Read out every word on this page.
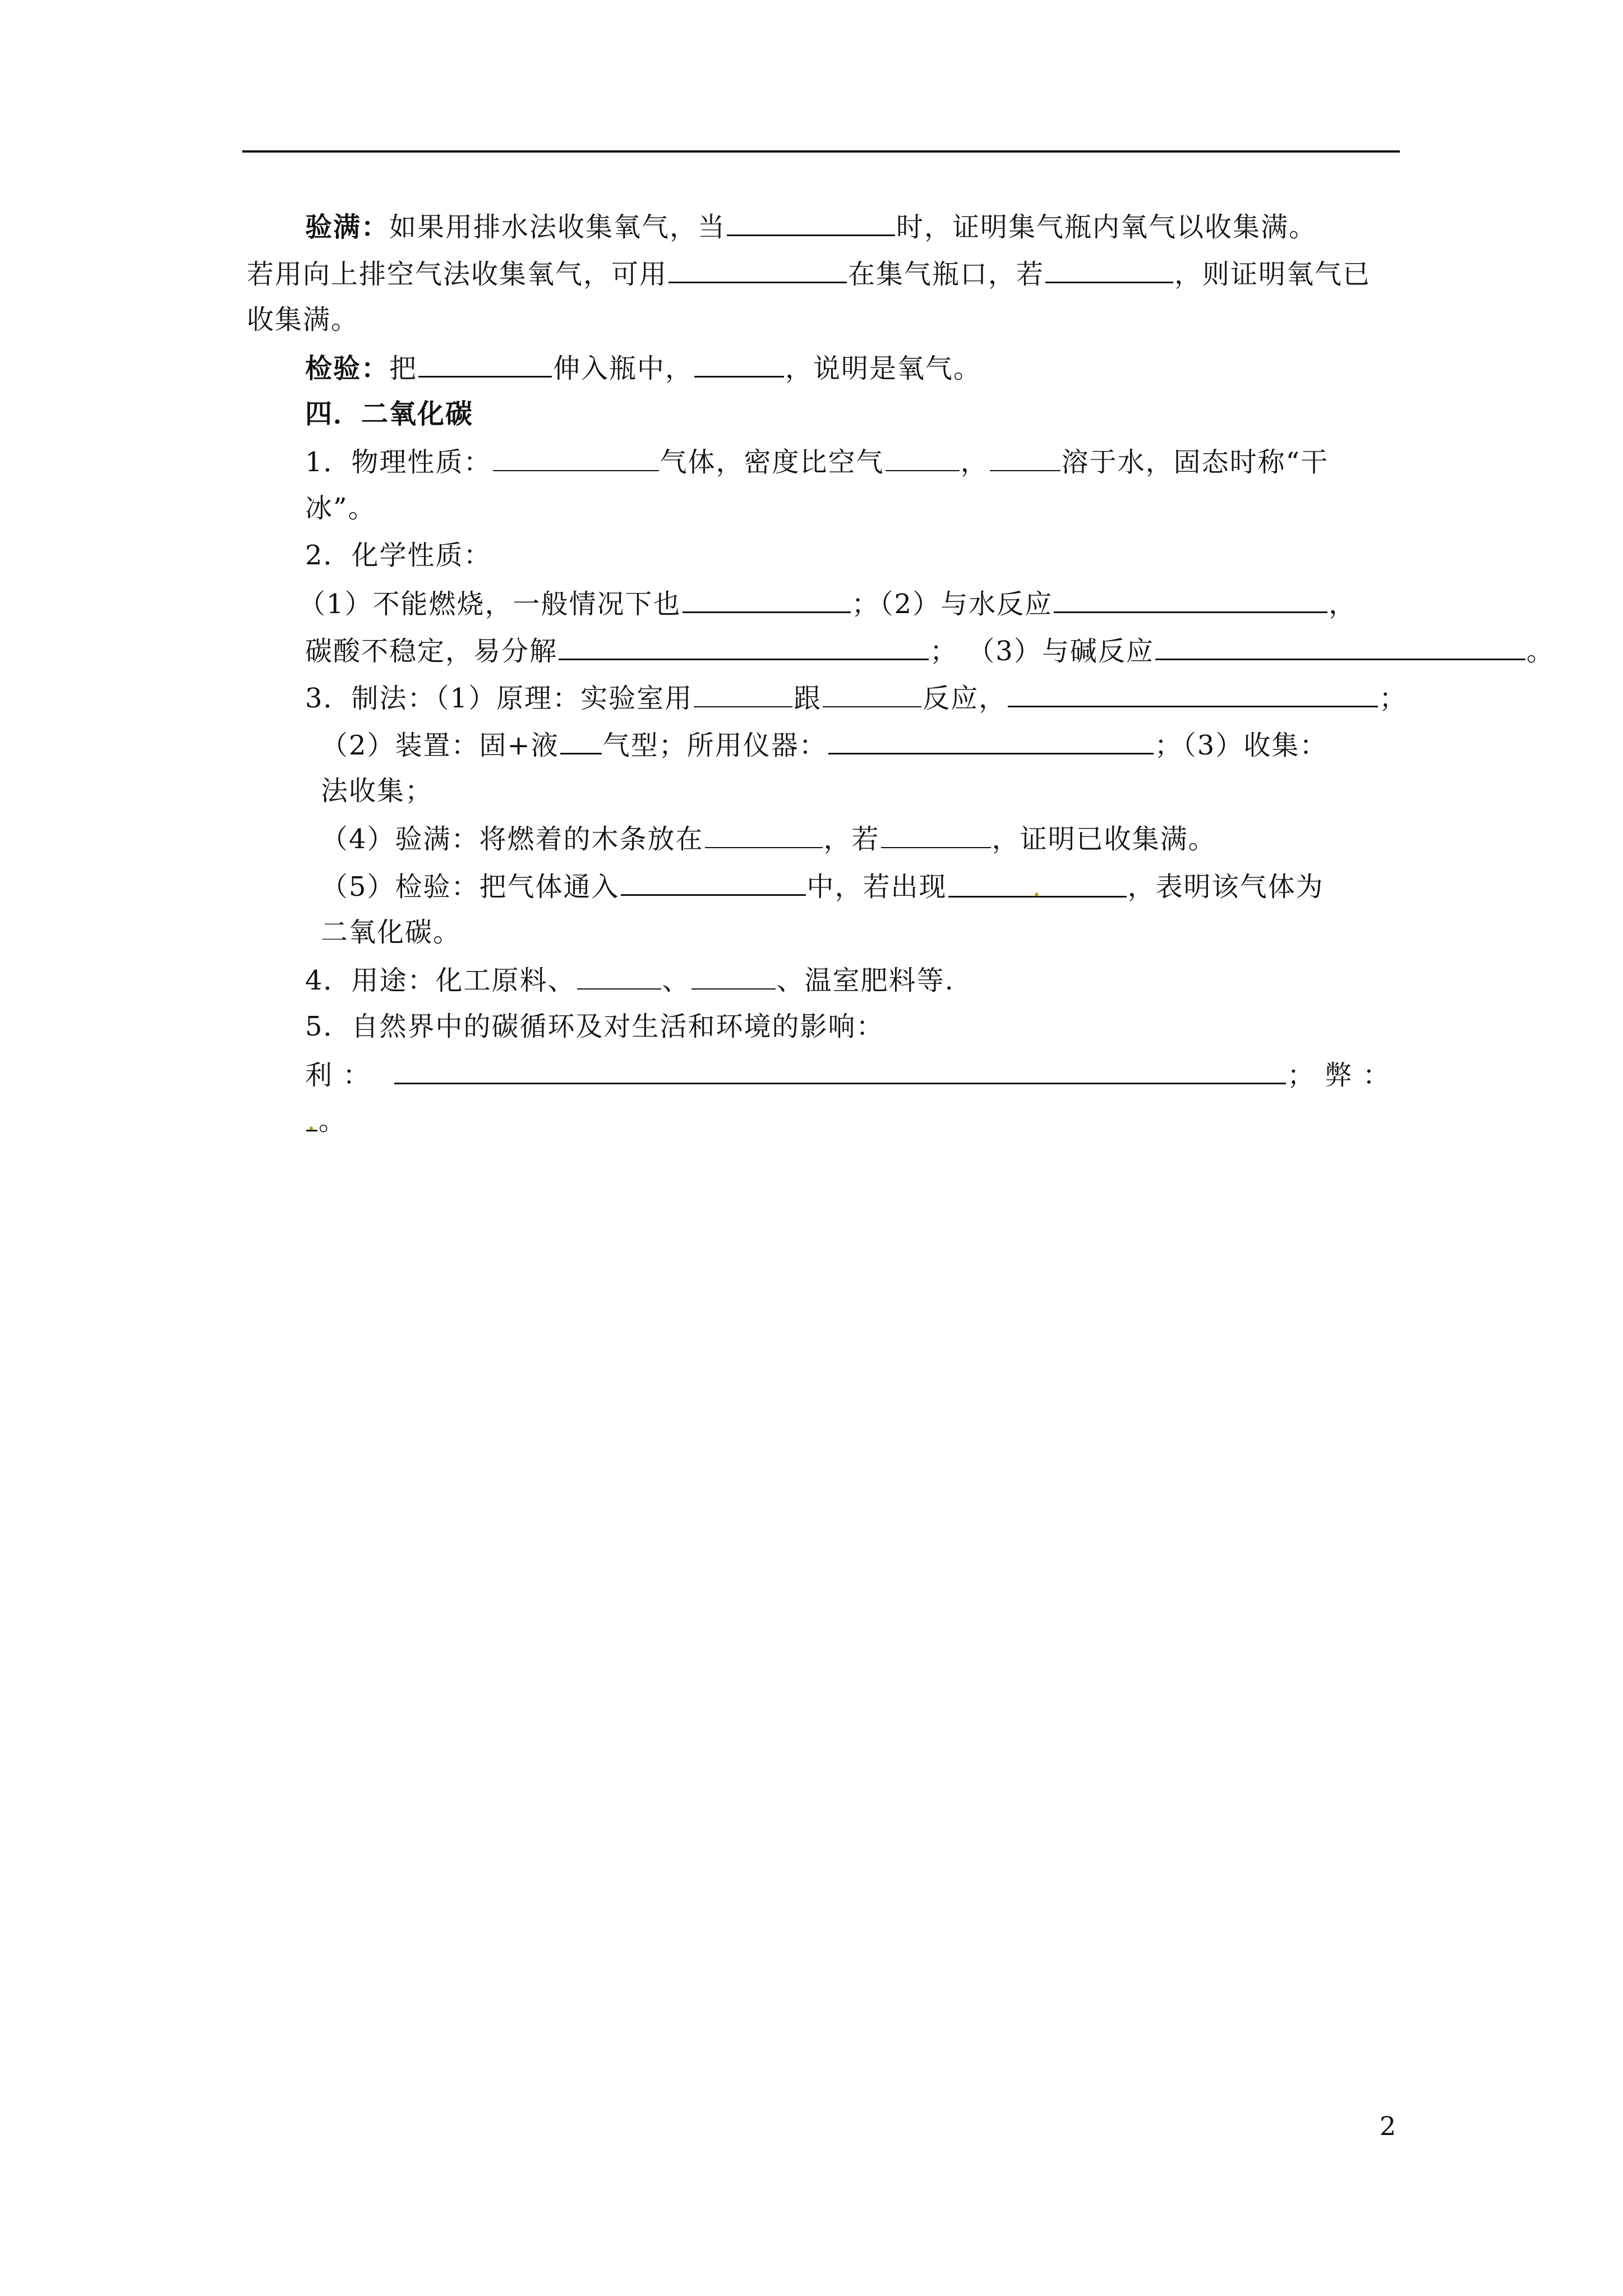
验满：如果用排水法收集氧气，当	时，证明集气瓶内氧气以收集满。
若用向上排空气法收集氧气，可用	在集气瓶口，若	，则证明氧气已
收集满。
检验：把	伸入瓶中，	，说明是氧气。
四．二氧化碳
1．物理性质：	气体，密度比空气	，	溶于水，固态时称“干
冰”。
2．化学性质：
（1）不能燃烧，一般情况下也	；（2）与水反应	，
碳酸不稳定，易分解	； （3）与碱反应	。
3．制法：（1）原理：实验室用	跟	反应，	；
（2）装置：固+液 气型；所用仪器：	；（3）收集：
法收集；
（4）验满：将燃着的木条放在	，若	，证明已收集满。
（5）检验：把气体通入	中，若出现	.	，表明该气体为
二氧化碳。
4．用途：化工原料、	、	、温室肥料等.
5．自然界中的碳循环及对生活和环境的影响：
利 ：	； 弊 ：
.。
2
